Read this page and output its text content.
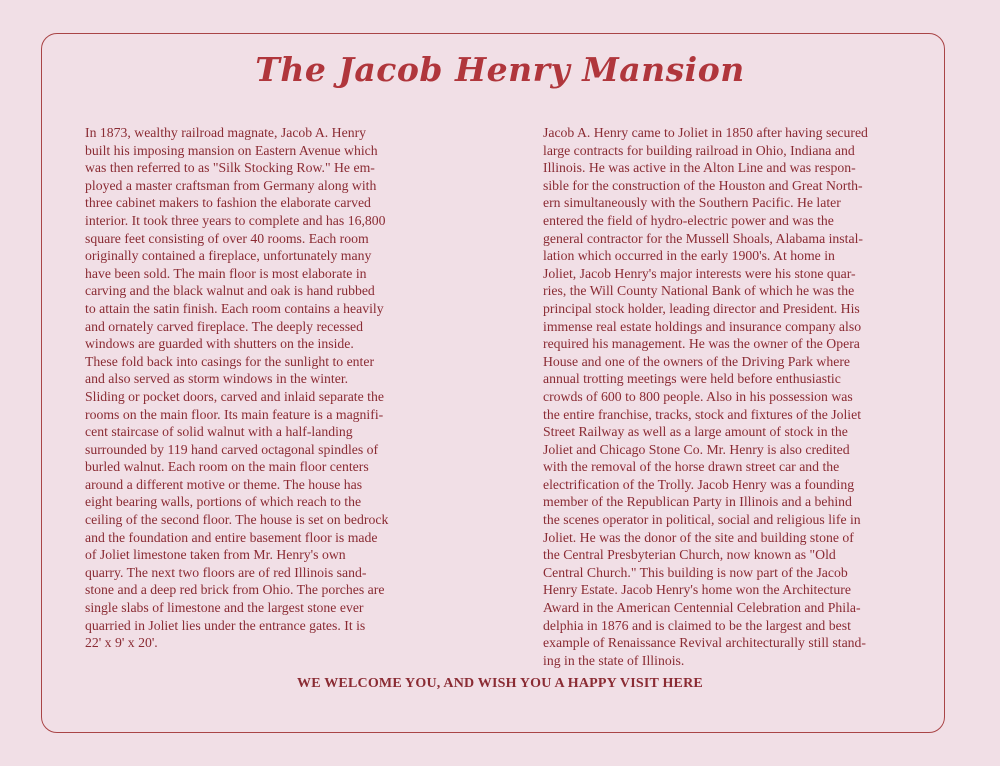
The Jacob Henry Mansion
In 1873, wealthy railroad magnate, Jacob A. Henry
built his imposing mansion on Eastern Avenue which
was then referred to as "Silk Stocking Row." He em-
ployed a master craftsman from Germany along with
three cabinet makers to fashion the elaborate carved
interior. It took three years to complete and has 16,800
square feet consisting of over 40 rooms. Each room
originally contained a fireplace, unfortunately many
have been sold. The main floor is most elaborate in
carving and the black walnut and oak is hand rubbed
to attain the satin finish. Each room contains a heavily
and ornately carved fireplace. The deeply recessed
windows are guarded with shutters on the inside.
These fold back into casings for the sunlight to enter
and also served as storm windows in the winter.
Sliding or pocket doors, carved and inlaid separate the
rooms on the main floor. Its main feature is a magnifi-
cent staircase of solid walnut with a half-landing
surrounded by 119 hand carved octagonal spindles of
burled walnut. Each room on the main floor centers
around a different motive or theme. The house has
eight bearing walls, portions of which reach to the
ceiling of the second floor. The house is set on bedrock
and the foundation and entire basement floor is made
of Joliet limestone taken from Mr. Henry's own
quarry. The next two floors are of red Illinois sand-
stone and a deep red brick from Ohio. The porches are
single slabs of limestone and the largest stone ever
quarried in Joliet lies under the entrance gates. It is
22' x 9' x 20'.
Jacob A. Henry came to Joliet in 1850 after having secured
large contracts for building railroad in Ohio, Indiana and
Illinois. He was active in the Alton Line and was respon-
sible for the construction of the Houston and Great North-
ern simultaneously with the Southern Pacific. He later
entered the field of hydro-electric power and was the
general contractor for the Mussell Shoals, Alabama instal-
lation which occurred in the early 1900's. At home in
Joliet, Jacob Henry's major interests were his stone quar-
ries, the Will County National Bank of which he was the
principal stock holder, leading director and President. His
immense real estate holdings and insurance company also
required his management. He was the owner of the Opera
House and one of the owners of the Driving Park where
annual trotting meetings were held before enthusiastic
crowds of 600 to 800 people. Also in his possession was
the entire franchise, tracks, stock and fixtures of the Joliet
Street Railway as well as a large amount of stock in the
Joliet and Chicago Stone Co. Mr. Henry is also credited
with the removal of the horse drawn street car and the
electrification of the Trolly. Jacob Henry was a founding
member of the Republican Party in Illinois and a behind
the scenes operator in political, social and religious life in
Joliet. He was the donor of the site and building stone of
the Central Presbyterian Church, now known as "Old
Central Church." This building is now part of the Jacob
Henry Estate. Jacob Henry's home won the Architecture
Award in the American Centennial Celebration and Phila-
delphia in 1876 and is claimed to be the largest and best
example of Renaissance Revival architecturally still stand-
ing in the state of Illinois.

WE WELCOME YOU, AND WISH YOU A HAPPY VISIT HERE
